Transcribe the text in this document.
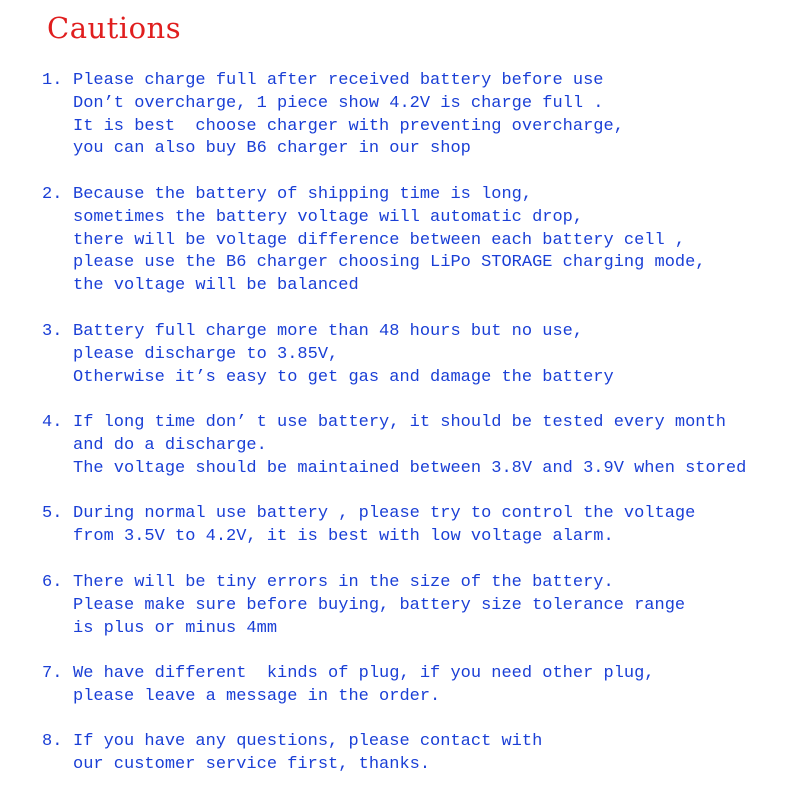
Cautions
1. Please charge full after received battery before use
Don’t overcharge, 1 piece show 4.2V is charge full .
It is best  choose charger with preventing overcharge,
you can also buy B6 charger in our shop
2. Because the battery of shipping time is long,
sometimes the battery voltage will automatic drop,
there will be voltage difference between each battery cell ,
please use the B6 charger choosing LiPo STORAGE charging mode,
the voltage will be balanced
3. Battery full charge more than 48 hours but no use,
please discharge to 3.85V,
Otherwise it’s easy to get gas and damage the battery
4. If long time don’ t use battery, it should be tested every month
and do a discharge.
The voltage should be maintained between 3.8V and 3.9V when stored
5. During normal use battery , please try to control the voltage
from 3.5V to 4.2V, it is best with low voltage alarm.
6. There will be tiny errors in the size of the battery.
Please make sure before buying, battery size tolerance range
is plus or minus 4mm
7. We have different  kinds of plug, if you need other plug,
please leave a message in the order.
8. If you have any questions, please contact with
our customer service first, thanks.
